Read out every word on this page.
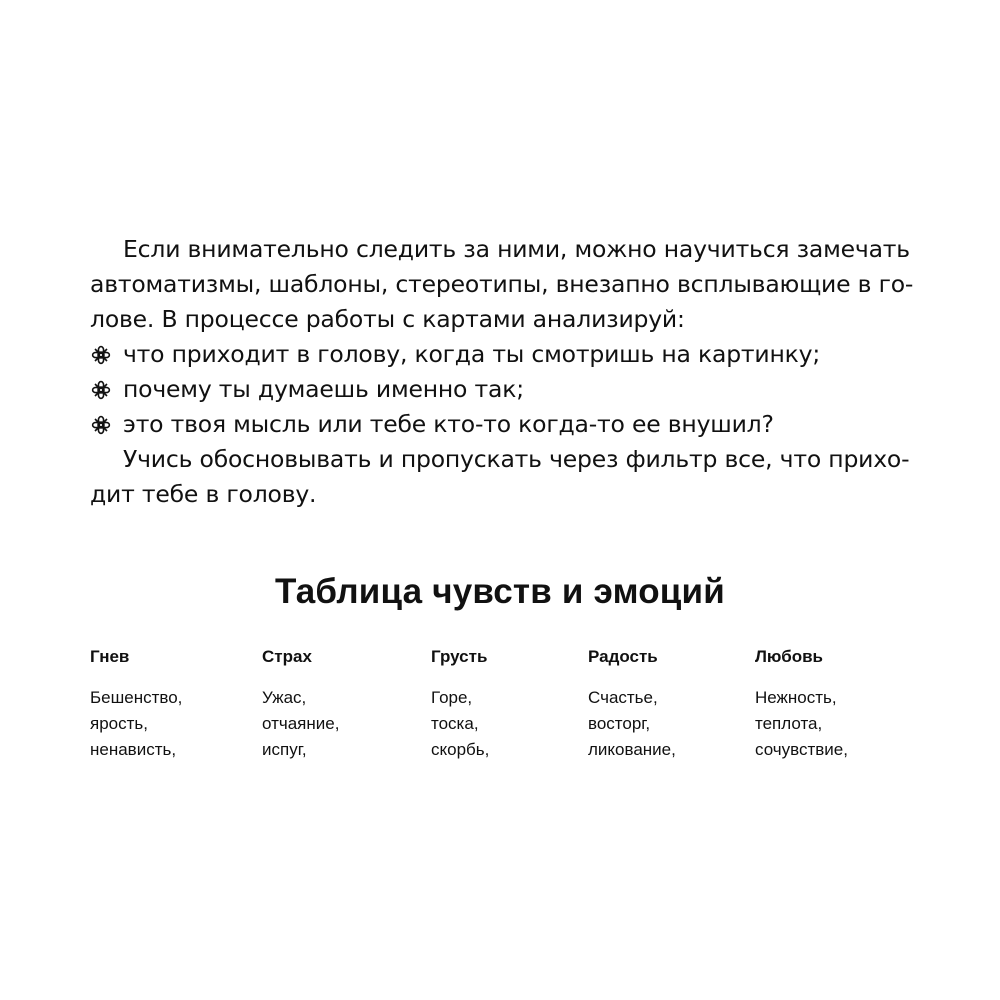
Если внимательно следить за ними, можно научиться замечать
автоматизмы, шаблоны, стереотипы, внезапно всплывающие в го-
лове. В процессе работы с картами анализируй:
что приходит в голову, когда ты смотришь на картинку;
почему ты думаешь именно так;
это твоя мысль или тебе кто-то когда-то ее внушил?
Учись обосновывать и пропускать через фильтр все, что прихо-
дит тебе в голову.
Таблица чувств и эмоций
Гнев
Бешенство,
ярость,
ненависть,
Страх
Ужас,
отчаяние,
испуг,
Грусть
Горе,
тоска,
скорбь,
Радость
Счастье,
восторг,
ликование,
Любовь
Нежность,
теплота,
сочувствие,
